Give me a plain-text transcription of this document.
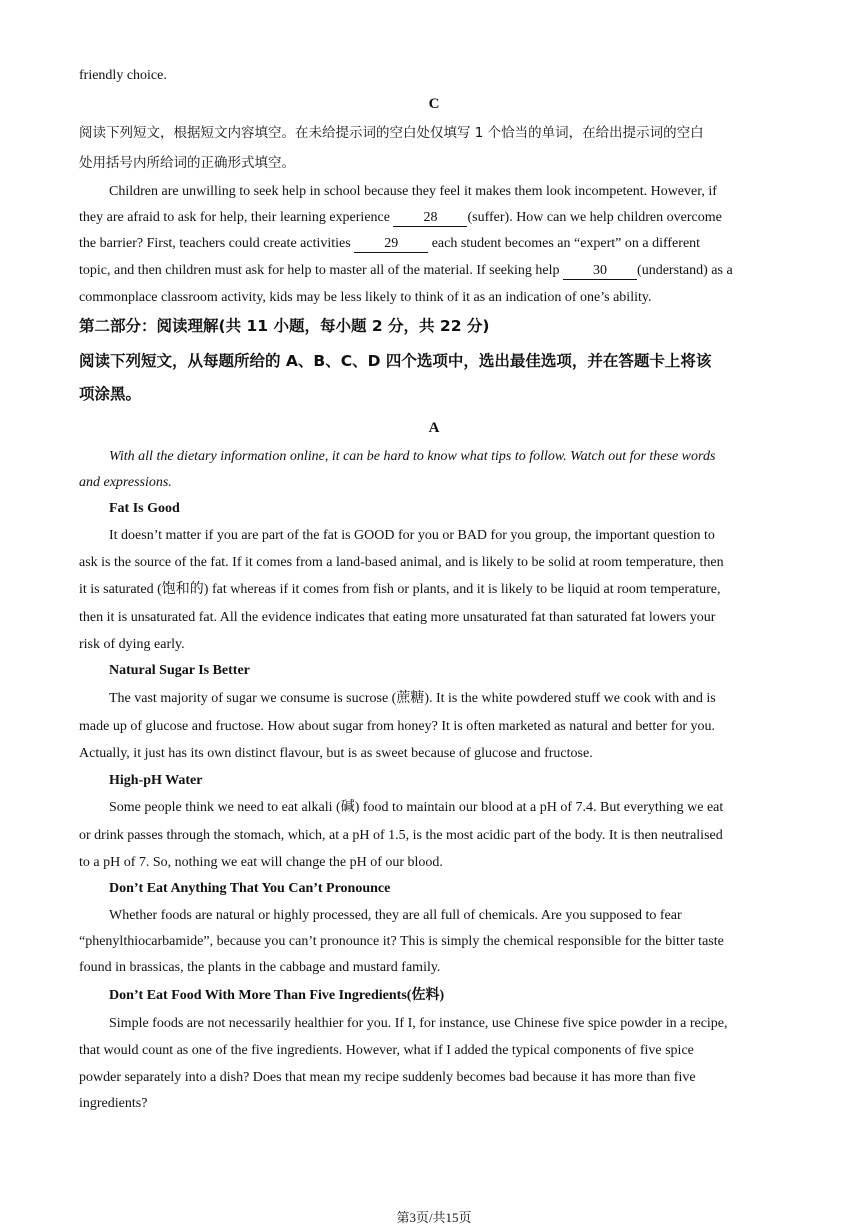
friendly choice.
C
阅读下列短文，根据短文内容填空。在未给提示词的空白处仅填写 1 个恰当的单词，在给出提示词的空白
处用括号内所给词的正确形式填空。
Children are unwilling to seek help in school because they feel it makes them look incompetent. However, if
they are afraid to ask for help, their learning experience 28 (suffer). How can we help children overcome
the barrier? First, teachers could create activities 29 each student becomes an “expert” on a different
topic, and then children must ask for help to master all of the material. If seeking help 30 (understand) as a
commonplace classroom activity, kids may be less likely to think of it as an indication of one’s ability.
第二部分：阅读理解(共 11 小题，每小题 2 分，共 22 分)
阅读下列短文，从每题所给的 A、B、C、D 四个选项中，选出最佳选项，并在答题卡上将该
项涂黑。
A
With all the dietary information online, it can be hard to know what tips to follow. Watch out for these words
and expressions.
Fat Is Good
It doesn’t matter if you are part of the fat is GOOD for you or BAD for you group, the important question to
ask is the source of the fat. If it comes from a land-based animal, and is likely to be solid at room temperature, then
it is saturated (饱和的) fat whereas if it comes from fish or plants, and it is likely to be liquid at room temperature,
then it is unsaturated fat. All the evidence indicates that eating more unsaturated fat than saturated fat lowers your
risk of dying early.
Natural Sugar Is Better
The vast majority of sugar we consume is sucrose (蔗糖). It is the white powdered stuff we cook with and is
made up of glucose and fructose. How about sugar from honey? It is often marketed as natural and better for you.
Actually, it just has its own distinct flavour, but is as sweet because of glucose and fructose.
High-pH Water
Some people think we need to eat alkali (碱) food to maintain our blood at a pH of 7.4. But everything we eat
or drink passes through the stomach, which, at a pH of 1.5, is the most acidic part of the body. It is then neutralised
to a pH of 7. So, nothing we eat will change the pH of our blood.
Don’t Eat Anything That You Can’t Pronounce
Whether foods are natural or highly processed, they are all full of chemicals. Are you supposed to fear
“phenylthiocarbamide”, because you can’t pronounce it? This is simply the chemical responsible for the bitter taste
found in brassicas, the plants in the cabbage and mustard family.
Don’t Eat Food With More Than Five Ingredients(佐料)
Simple foods are not necessarily healthier for you. If I, for instance, use Chinese five spice powder in a recipe,
that would count as one of the five ingredients. However, what if I added the typical components of five spice
powder separately into a dish? Does that mean my recipe suddenly becomes bad because it has more than five
ingredients?
第3页/共15页
